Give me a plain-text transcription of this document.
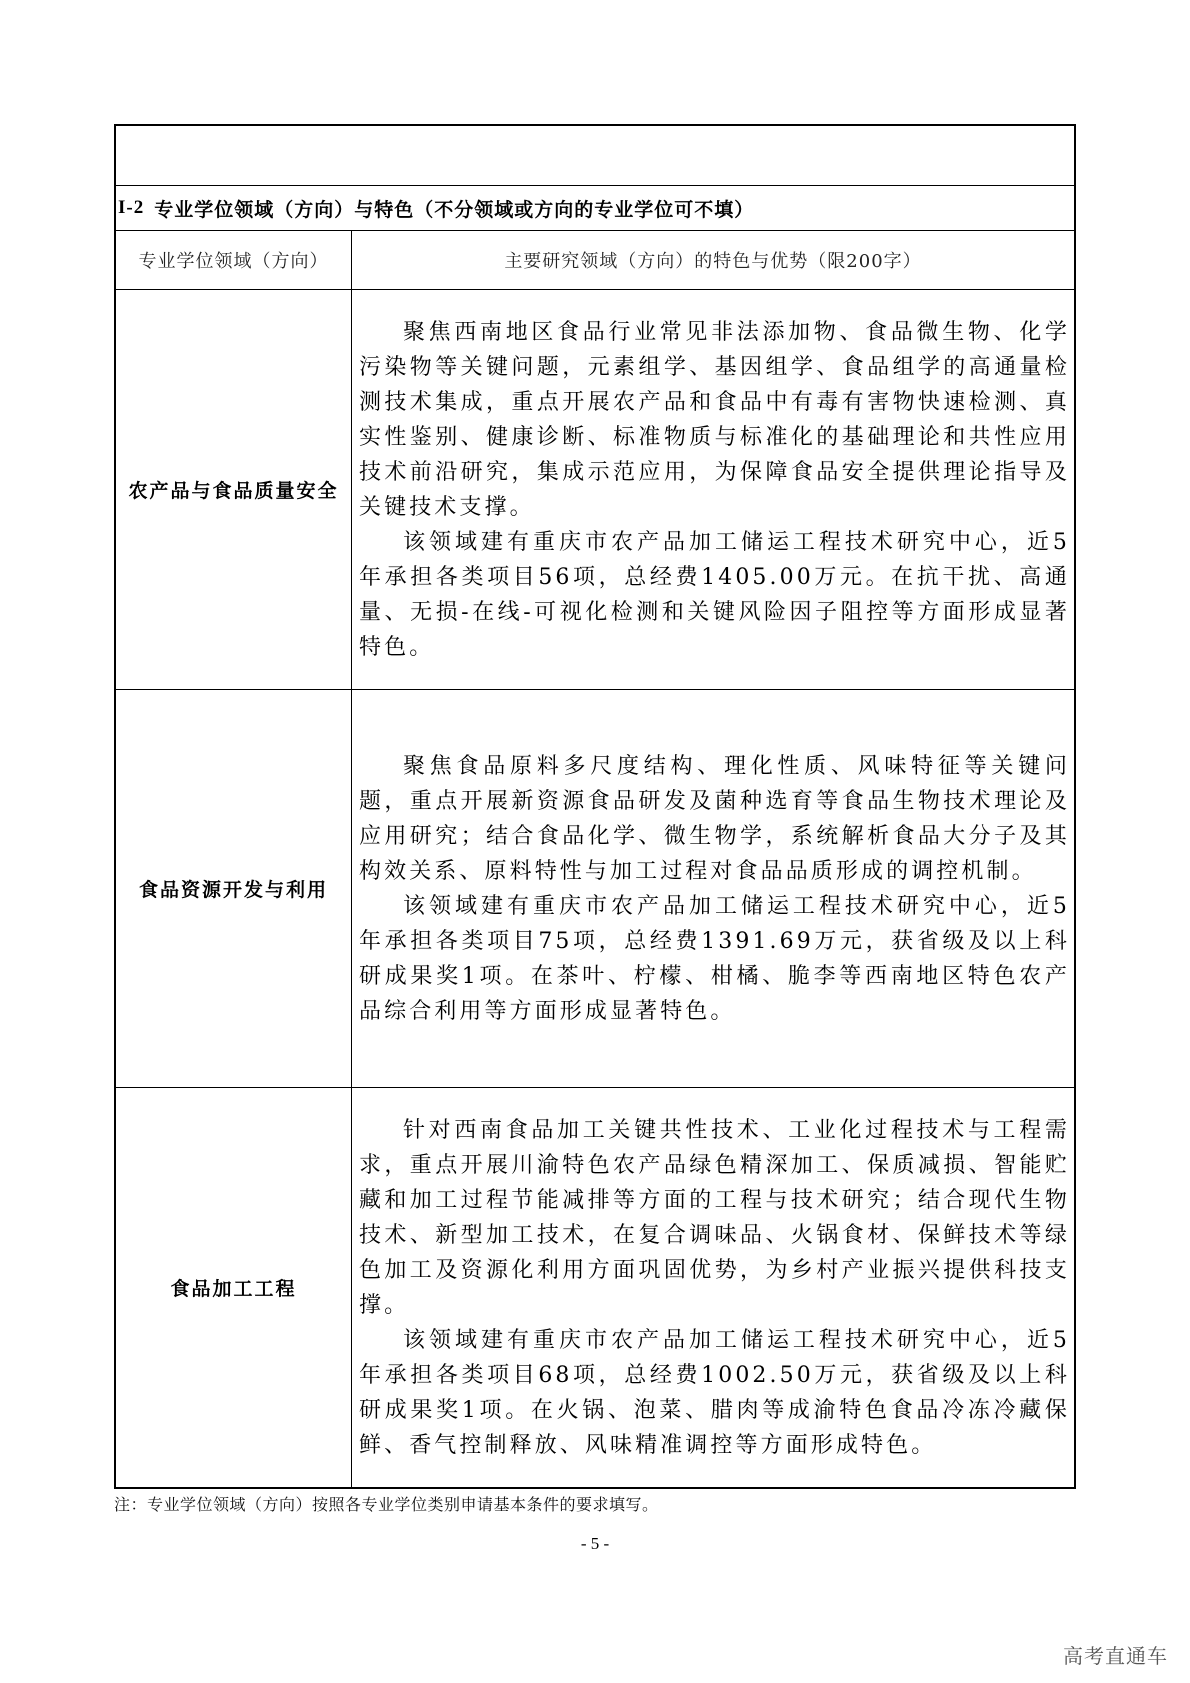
I-2 专业学位领域（方向）与特色（不分领域或方向的专业学位可不填）
专业学位领域（方向）	主要研究领域（方向）的特色与优势（限200字）
农产品与食品质量安全

聚焦西南地区食品行业常见非法添加物、食品微生物、化学污染物等关键问题，元素组学、基因组学、食品组学的高通量检测技术集成，重点开展农产品和食品中有毒有害物快速检测、真实性鉴别、健康诊断、标准物质与标准化的基础理论和共性应用技术前沿研究，集成示范应用，为保障食品安全提供理论指导及关键技术支撑。

该领域建有重庆市农产品加工储运工程技术研究中心，近5年承担各类项目56项，总经费1405.00万元。在抗干扰、高通量、无损-在线-可视化检测和关键风险因子阻控等方面形成显著特色。

食品资源开发与利用

聚焦食品原料多尺度结构、理化性质、风味特征等关键问题，重点开展新资源食品研发及菌种选育等食品生物技术理论及应用研究；结合食品化学、微生物学，系统解析食品大分子及其构效关系、原料特性与加工过程对食品品质形成的调控机制。

该领域建有重庆市农产品加工储运工程技术研究中心，近5年承担各类项目75项，总经费1391.69万元，获省级及以上科研成果奖1项。在茶叶、柠檬、柑橘、脆李等西南地区特色农产品综合利用等方面形成显著特色。

食品加工工程

针对西南食品加工关键共性技术、工业化过程技术与工程需求，重点开展川渝特色农产品绿色精深加工、保质减损、智能贮藏和加工过程节能减排等方面的工程与技术研究；结合现代生物技术、新型加工技术，在复合调味品、火锅食材、保鲜技术等绿色加工及资源化利用方面巩固优势，为乡村产业振兴提供科技支撑。

该领域建有重庆市农产品加工储运工程技术研究中心，近5年承担各类项目68项，总经费1002.50万元，获省级及以上科研成果奖1项。在火锅、泡菜、腊肉等成渝特色食品冷冻冷藏保鲜、香气控制释放、风味精准调控等方面形成特色。

注：专业学位领域（方向）按照各专业学位类别申请基本条件的要求填写。
- 5 -
高考直通车
